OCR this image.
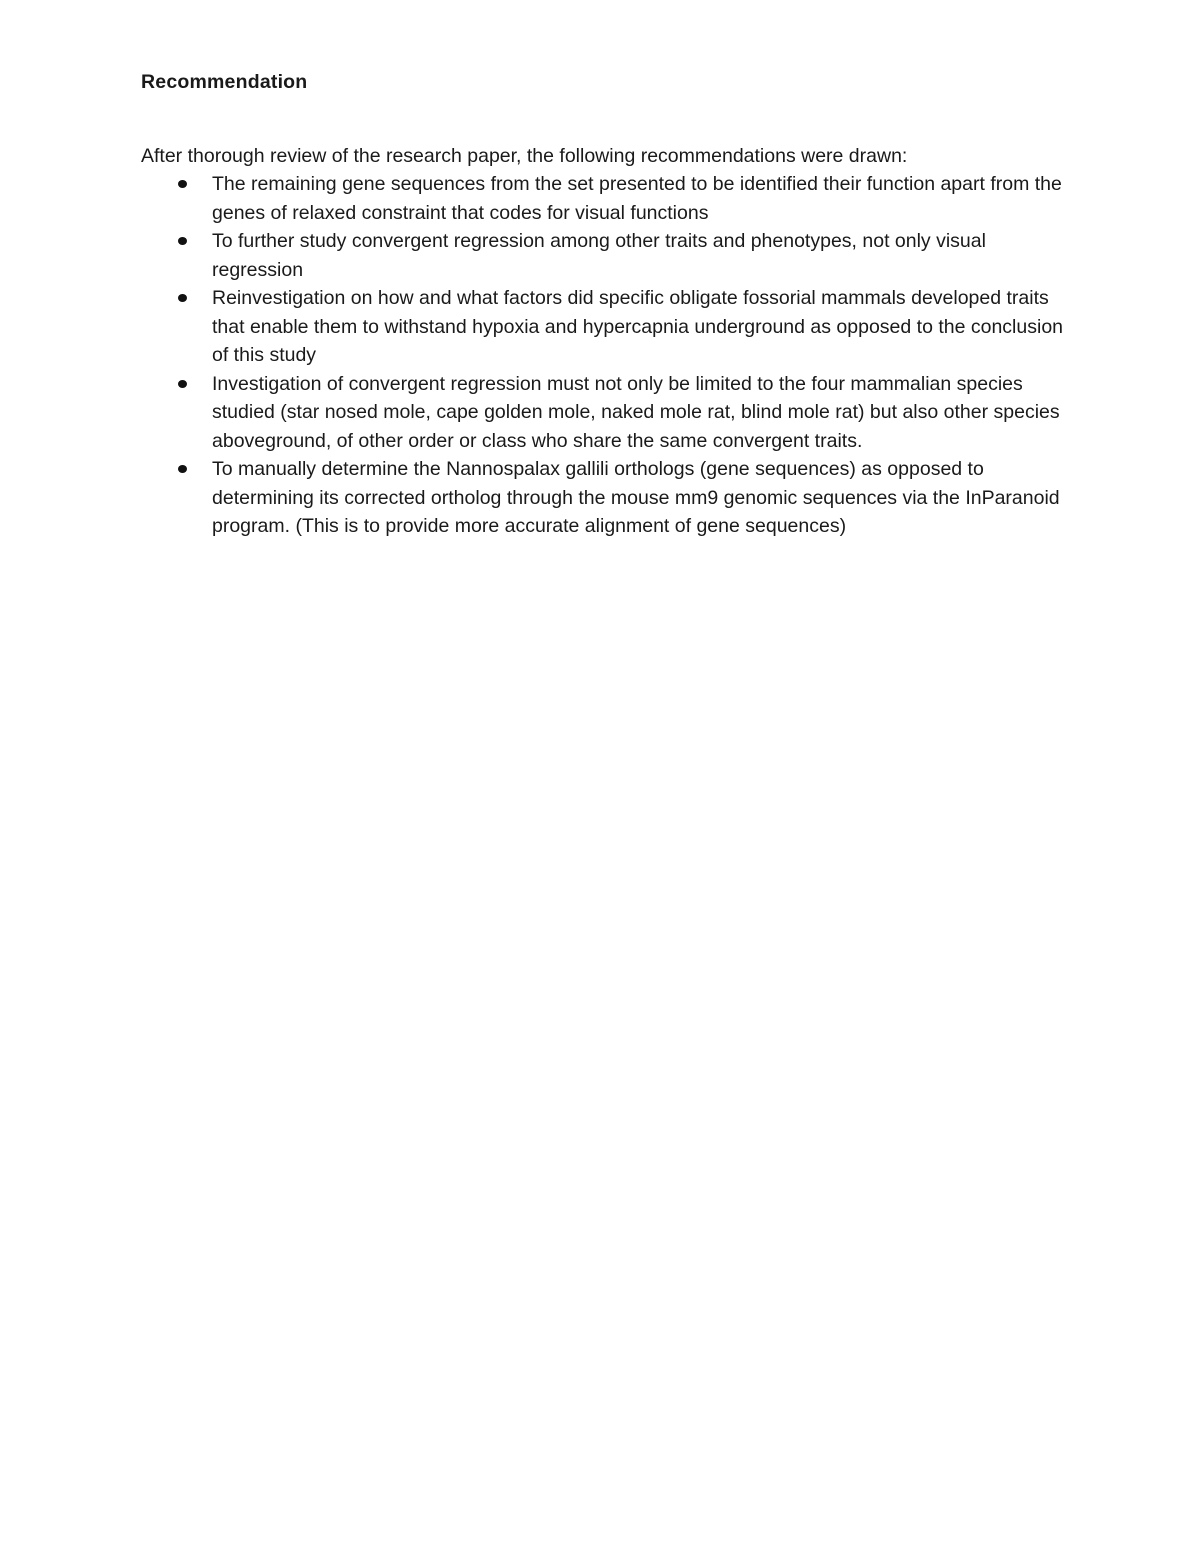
Recommendation

After thorough review of the research paper, the following recommendations were drawn:

The remaining gene sequences from the set presented to be identified their function apart from the genes of relaxed constraint that codes for visual functions
To further study convergent regression among other traits and phenotypes, not only visual regression
Reinvestigation on how and what factors did specific obligate fossorial mammals developed traits that enable them to withstand hypoxia and hypercapnia underground as opposed to the conclusion of this study
Investigation of convergent regression must not only be limited to the four mammalian species studied (star nosed mole, cape golden mole, naked mole rat, blind mole rat) but also other species aboveground, of other order or class who share the same convergent traits.
To manually determine the Nannospalax gallili orthologs (gene sequences) as opposed to determining its corrected ortholog through the mouse mm9 genomic sequences via the InParanoid program. (This is to provide more accurate alignment of gene sequences)
